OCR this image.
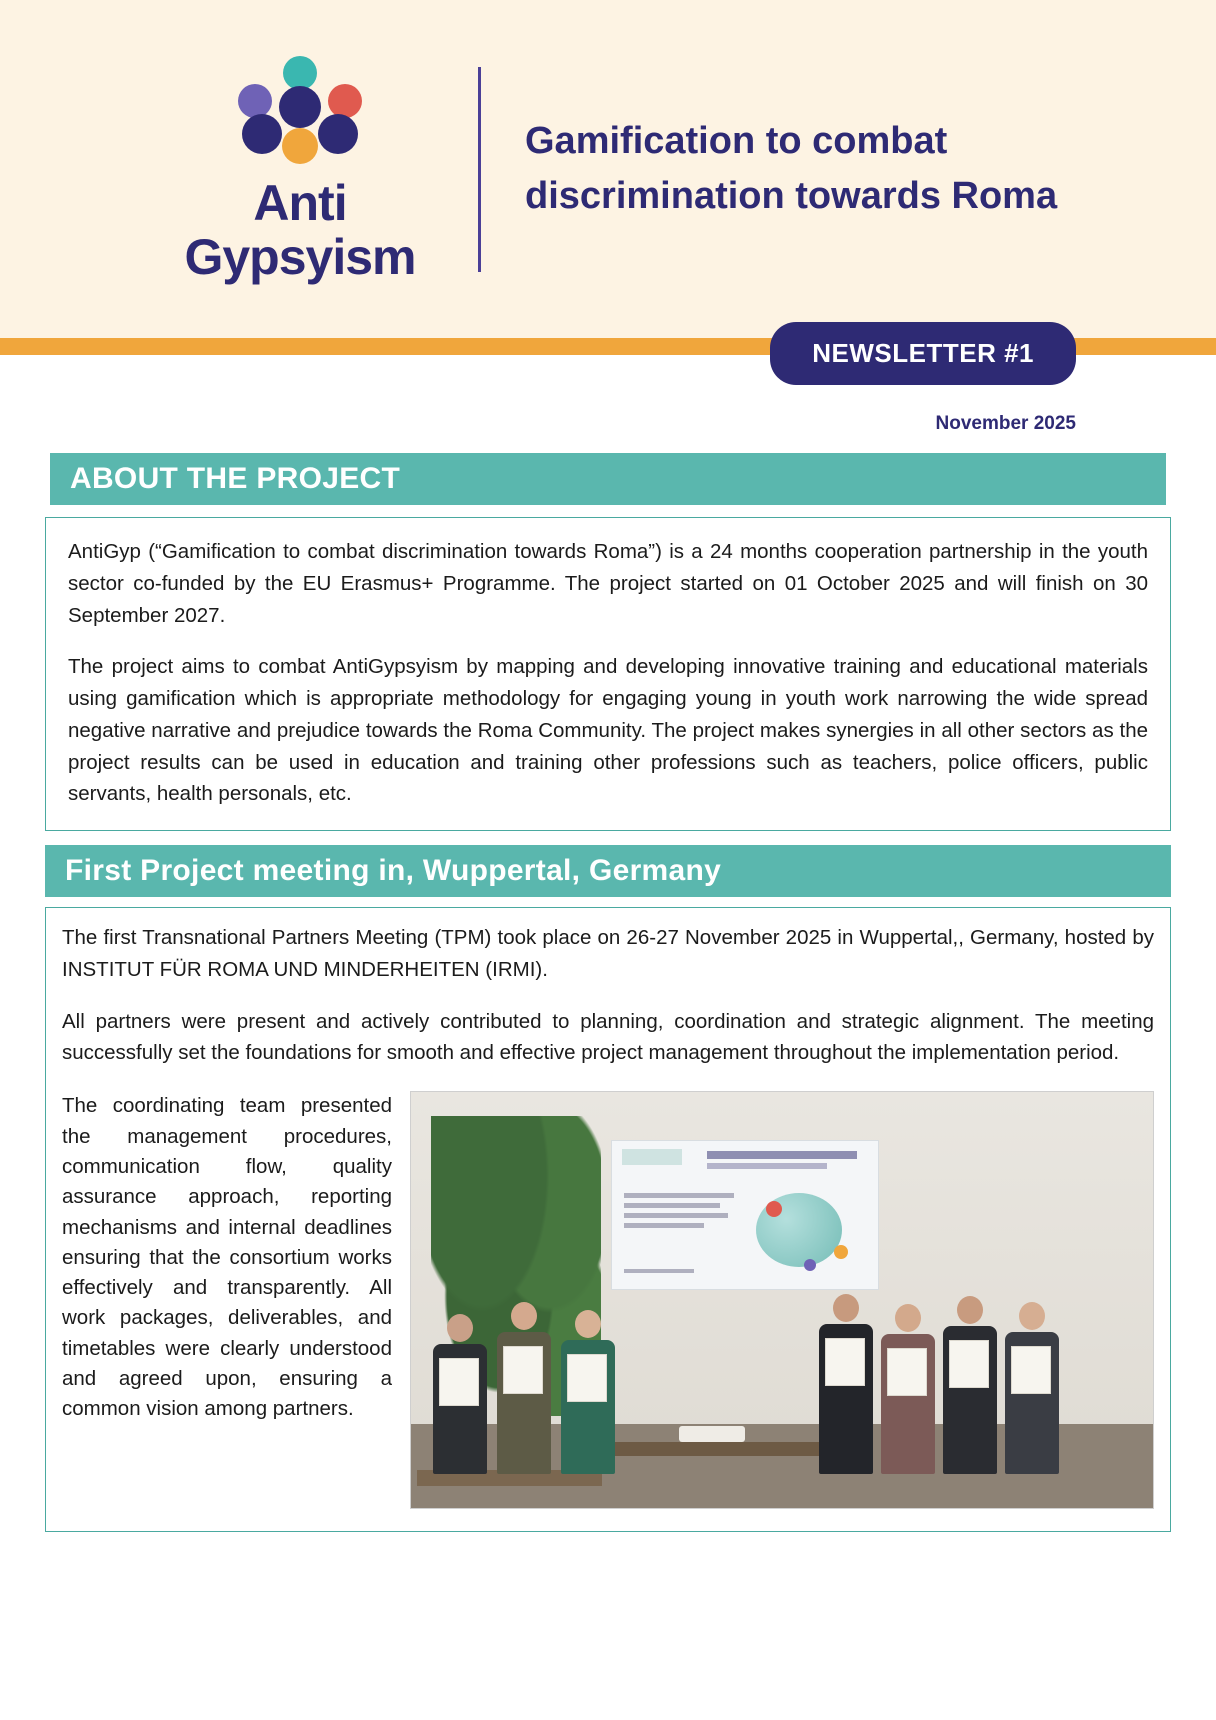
Anti
Gypsyism
Gamification to combat discrimination towards Roma
NEWSLETTER #1
November 2025
ABOUT THE PROJECT

AntiGyp (“Gamification to combat discrimination towards Roma”) is a 24 months cooperation partnership in the youth sector co-funded by the EU Erasmus+ Programme. The project started on 01 October 2025 and will finish on 30 September 2027.

The project aims to combat AntiGypsyism by mapping and developing innovative training and educational materials using gamification which is appropriate methodology for engaging young in youth work narrowing the wide spread negative narrative and prejudice towards the Roma Community. The project makes synergies in all other sectors as the project results can be used in education and training other professions such as teachers, police officers, public servants, health personals, etc.

First Project meeting in, Wuppertal, Germany

The first Transnational Partners Meeting (TPM) took place on 26-27 November 2025 in Wuppertal,, Germany, hosted by INSTITUT FÜR ROMA UND MINDERHEITEN (IRMI).

All partners were present and actively contributed to planning, coordination and strategic alignment. The meeting successfully set the foundations for smooth and effective project management throughout the implementation period.

The coordinating team presented the management procedures, communication flow, quality assurance approach, reporting mechanisms and internal deadlines ensuring that the consortium works effectively and transparently. All work packages, deliverables, and timetables were clearly understood and agreed upon, ensuring a common vision among partners.
